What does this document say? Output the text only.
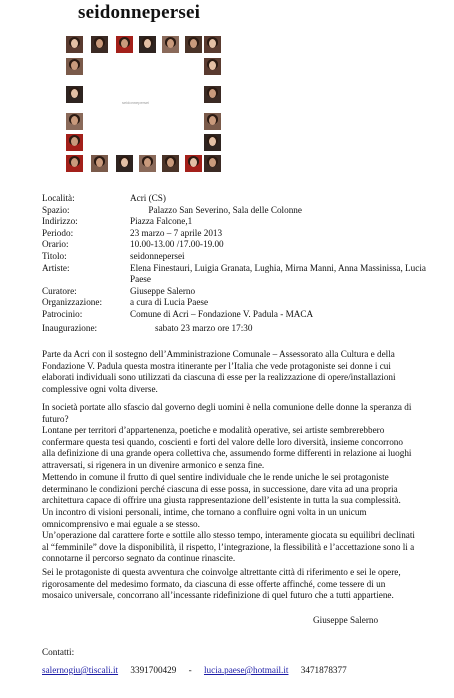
seidonnepersei
seidonnepersei
Località:	Acri (CS)
Spazio:	Palazzo San Severino, Sala delle Colonne
Indirizzo:	Piazza Falcone,1
Periodo:	23 marzo – 7 aprile 2013
Orario:	10.00-13.00 /17.00-19.00
Titolo:	seidonnepersei
Artiste:	Elena Finestauri, Luigia Granata, Lughia, Mirna Manni, Anna Massinissa, Lucia Paese
Curatore:	Giuseppe Salerno
Organizzazione:	a cura di Lucia Paese
Patrocinio:	Comune di Acri – Fondazione V. Padula - MACA
Inaugurazione:	sabato 23 marzo ore 17:30
Parte da Acri con il sostegno dell’Amministrazione Comunale – Assessorato alla Cultura e della Fondazione V. Padula questa mostra itinerante per l’Italia che vede protagoniste sei donne i cui elaborati individuali sono utilizzati da ciascuna di esse per la realizzazione di opere/installazioni complessive ogni volta diverse.
In società portate allo sfascio dal governo degli uomini è nella comunione delle donne la speranza di futuro?
Lontane per territori d’appartenenza, poetiche e modalità operative, sei artiste sembrerebbero confermare questa tesi quando, coscienti e forti del valore delle loro diversità, insieme concorrono alla definizione di una grande opera collettiva che, assumendo forme differenti in relazione ai luoghi attraversati, si rigenera in un divenire armonico e senza fine.
Mettendo in comune il frutto di quel sentire individuale che le rende uniche le sei protagoniste determinano le condizioni perché ciascuna di esse possa, in successione, dare vita ad una propria architettura capace di offrire una giusta rappresentazione dell’esistente in tutta la sua complessità.
Un incontro di visioni personali, intime, che tornano a confluire ogni volta in un unicum omnicomprensivo e mai eguale a se stesso.
Un’operazione dal carattere forte e sottile allo stesso tempo, interamente giocata su equilibri declinati al “femminile” dove la disponibilità, il rispetto, l’integrazione, la flessibilità e l’accettazione sono li a connotarne il percorso segnato da continue rinascite.
Sei le protagoniste di questa avventura che coinvolge altrettante città di riferimento e sei le opere, rigorosamente del medesimo formato, da ciascuna di esse offerte affinché, come tessere di un mosaico universale, concorrano all’incessante ridefinizione di quel futuro che a tutti appartiene.
Giuseppe Salerno
Contatti:
salernogiu@tiscali.it 3391700429 - lucia.paese@hotmail.it 3471878377
